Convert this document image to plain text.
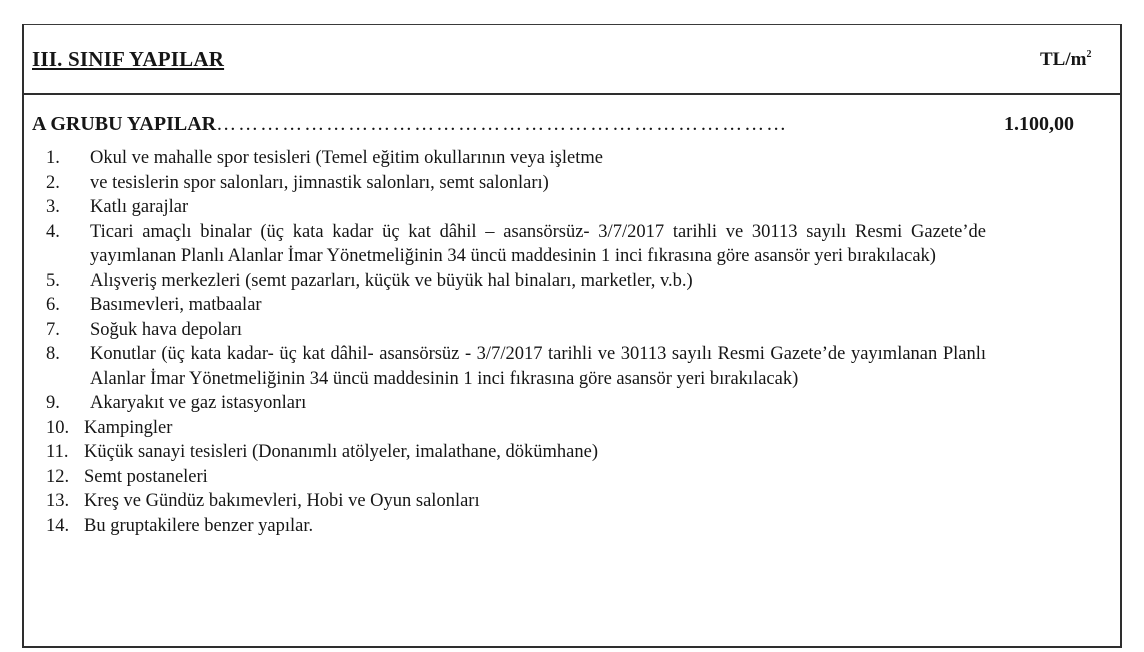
III. SINIF YAPILAR	$TL/m^2$
A GRUBU YAPILAR……………………………………………………………………	1.100,00
1. Okul ve mahalle spor tesisleri (Temel eğitim okullarının veya işletme
2. ve tesislerin spor salonları, jimnastik salonları, semt salonları)
3. Katlı garajlar
4. Ticari amaçlı binalar (üç kata kadar üç kat dâhil – asansörsüz- 3/7/2017 tarihli ve 30113 sayılı Resmi Gazete’de yayımlanan Planlı Alanlar İmar Yönetmeliğinin 34 üncü maddesinin 1 inci fıkrasına göre asansör yeri bırakılacak)
5. Alışveriş merkezleri (semt pazarları, küçük ve büyük hal binaları, marketler, v.b.)
6. Basımevleri, matbaalar
7. Soğuk hava depoları
8. Konutlar (üç kata kadar- üç kat dâhil- asansörsüz - 3/7/2017 tarihli ve 30113 sayılı Resmi Gazete’de yayımlanan Planlı Alanlar İmar Yönetmeliğinin 34 üncü maddesinin 1 inci fıkrasına göre asansör yeri bırakılacak)
9. Akaryakıt ve gaz istasyonları
10. Kampingler
11. Küçük sanayi tesisleri (Donanımlı atölyeler, imalathane, dökümhane)
12. Semt postaneleri
13. Kreş ve Gündüz bakımevleri, Hobi ve Oyun salonları
14. Bu gruptakilere benzer yapılar.
